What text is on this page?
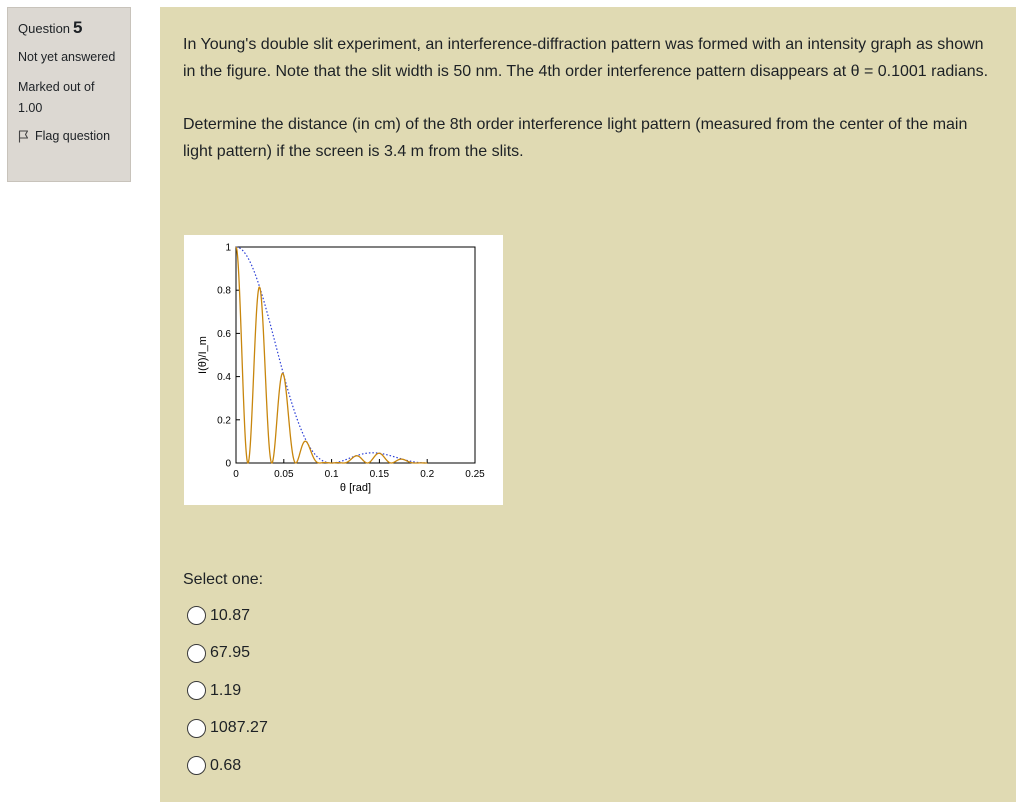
Question 5
Not yet answered
Marked out of 1.00
Flag question

In Young's double slit experiment, an interference-diffraction pattern was formed with an intensity graph as shown in the figure. Note that the slit width is 50 nm. The 4th order interference pattern disappears at θ = 0.1001 radians.

Determine the distance (in cm) of the 8th order interference light pattern (measured from the center of the main light pattern) if the screen is 3.4 m from the slits.

0	0.05	0.1	0.15	0.2	0.25
0
0.2
0.4
0.6
0.8
1
θ [rad]
I(θ)/I_m
Select one:
10.87
67.95
1.19
1087.27
0.68
